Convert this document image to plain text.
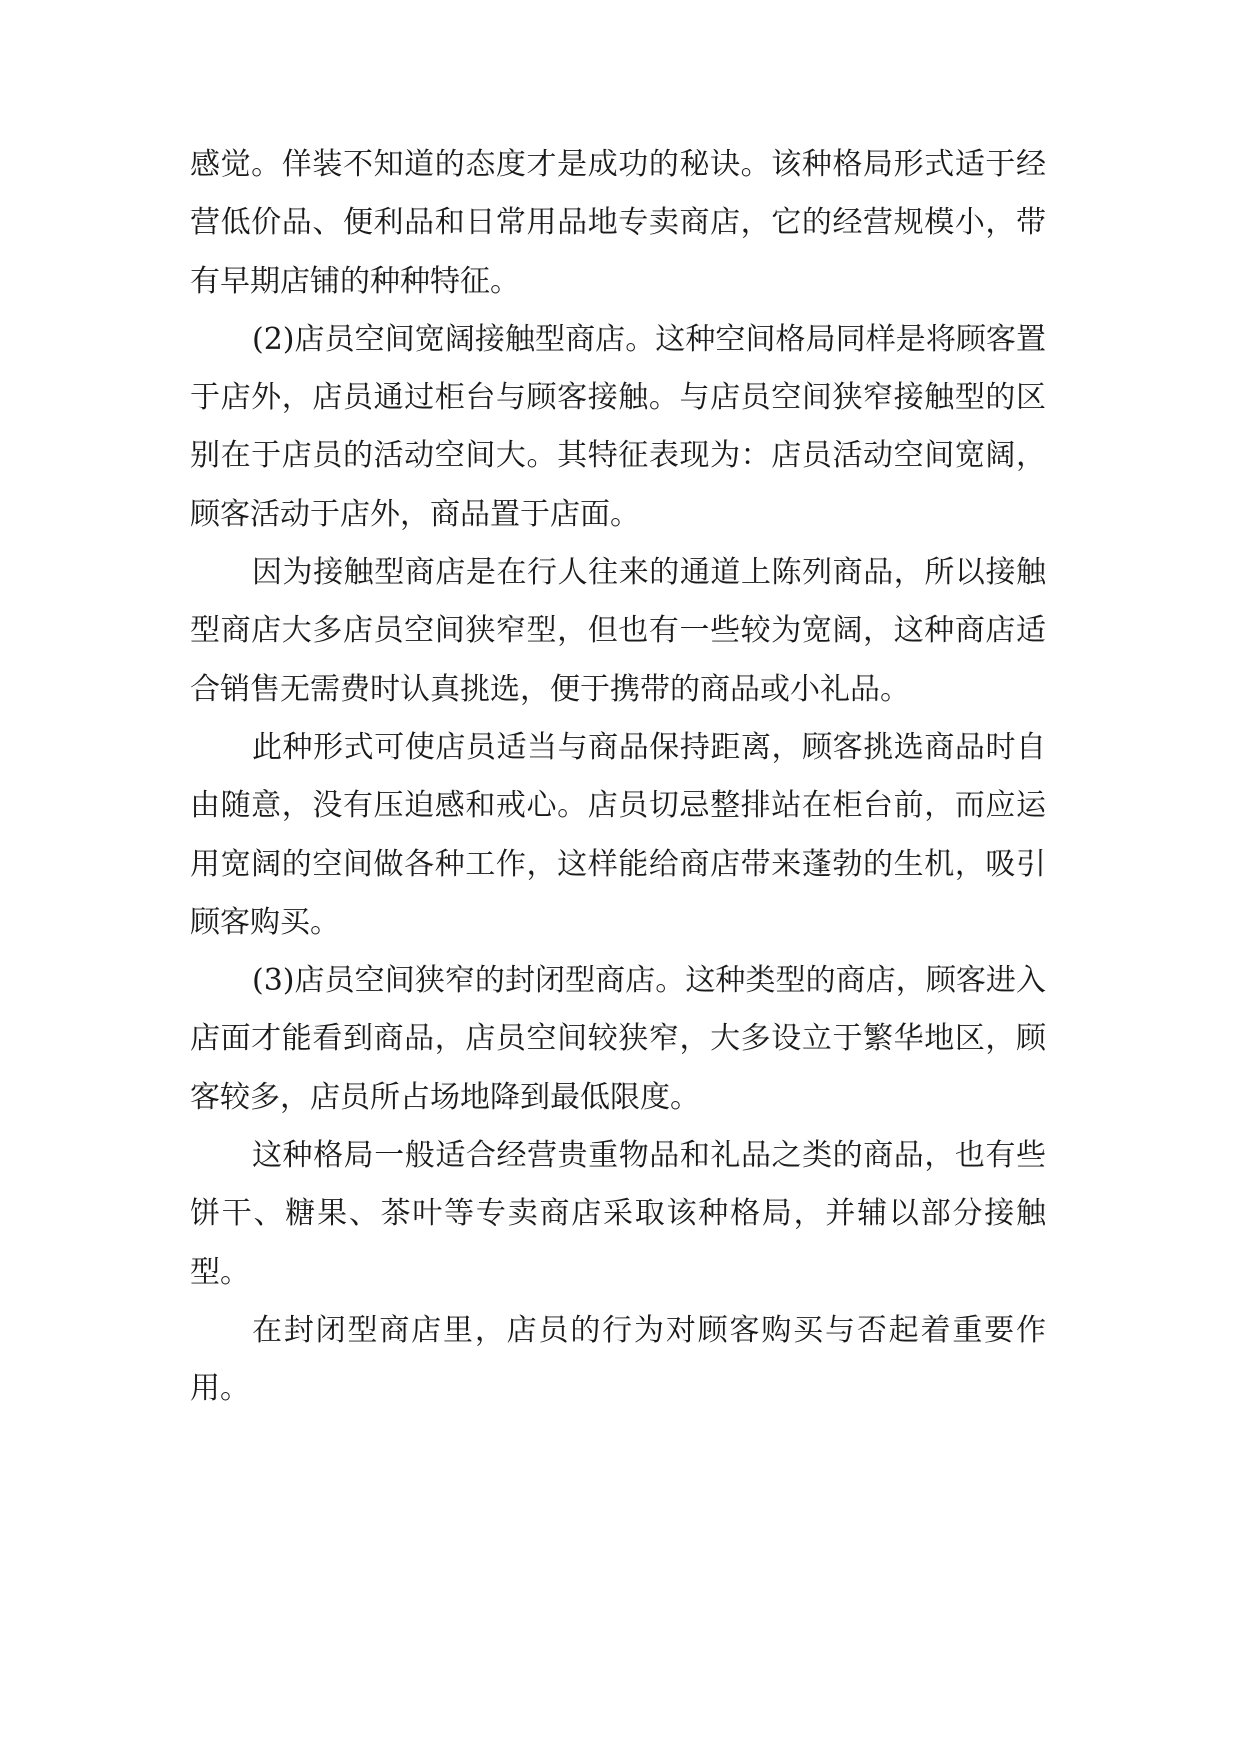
感觉。佯装不知道的态度才是成功的秘诀。该种格局形式适于经营低价品、便利品和日常用品地专卖商店，它的经营规模小，带有早期店铺的种种特征。

(2)店员空间宽阔接触型商店。这种空间格局同样是将顾客置于店外，店员通过柜台与顾客接触。与店员空间狭窄接触型的区别在于店员的活动空间大。其特征表现为：店员活动空间宽阔，顾客活动于店外，商品置于店面。

因为接触型商店是在行人往来的通道上陈列商品，所以接触型商店大多店员空间狭窄型，但也有一些较为宽阔，这种商店适合销售无需费时认真挑选，便于携带的商品或小礼品。

此种形式可使店员适当与商品保持距离，顾客挑选商品时自由随意，没有压迫感和戒心。店员切忌整排站在柜台前，而应运用宽阔的空间做各种工作，这样能给商店带来蓬勃的生机，吸引顾客购买。

(3)店员空间狭窄的封闭型商店。这种类型的商店，顾客进入店面才能看到商品，店员空间较狭窄，大多设立于繁华地区，顾客较多，店员所占场地降到最低限度。

这种格局一般适合经营贵重物品和礼品之类的商品，也有些饼干、糖果、茶叶等专卖商店采取该种格局，并辅以部分接触型。

在封闭型商店里，店员的行为对顾客购买与否起着重要作用。
